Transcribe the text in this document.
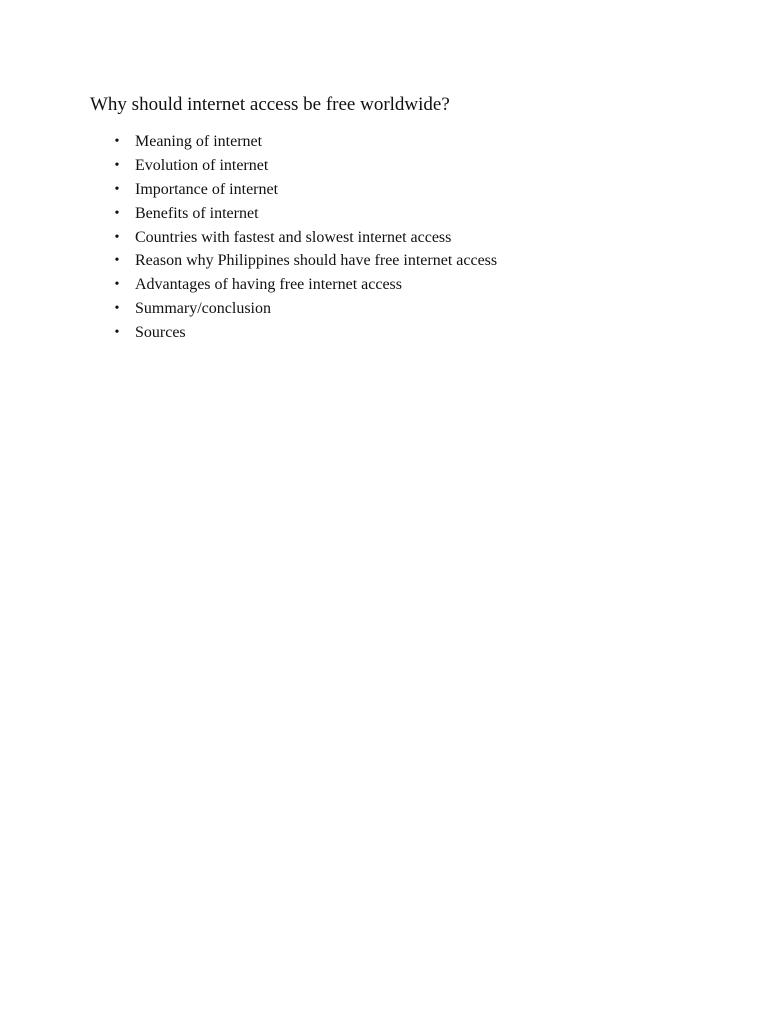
Why should internet access be free worldwide?
• Meaning of internet
• Evolution of internet
• Importance of internet
• Benefits of internet
• Countries with fastest and slowest internet access
• Reason why Philippines should have free internet access
• Advantages of having free internet access
• Summary/conclusion
• Sources
